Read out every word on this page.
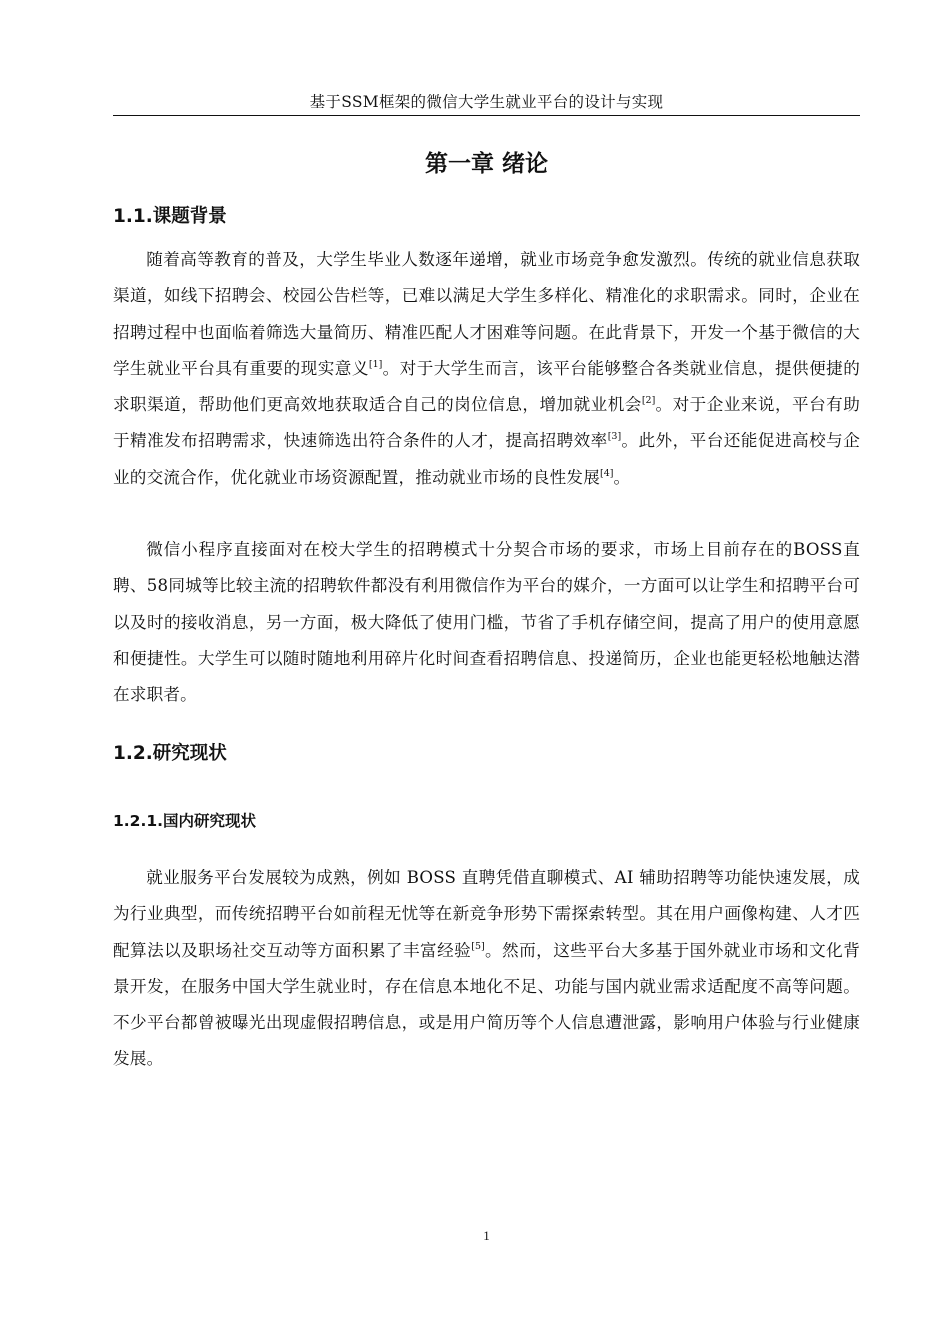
基于SSM框架的微信大学生就业平台的设计与实现
第一章 绪论
1.1.课题背景

随着高等教育的普及，大学生毕业人数逐年递增，就业市场竞争愈发激烈。传统的就业信息获取渠道，如线下招聘会、校园公告栏等，已难以满足大学生多样化、精准化的求职需求。同时，企业在招聘过程中也面临着筛选大量简历、精准匹配人才困难等问题。在此背景下，开发一个基于微信的大学生就业平台具有重要的现实意义[1]。对于大学生而言，该平台能够整合各类就业信息，提供便捷的求职渠道，帮助他们更高效地获取适合自己的岗位信息，增加就业机会[2]。对于企业来说，平台有助于精准发布招聘需求，快速筛选出符合条件的人才，提高招聘效率[3]。此外，平台还能促进高校与企业的交流合作，优化就业市场资源配置，推动就业市场的良性发展[4]。

微信小程序直接面对在校大学生的招聘模式十分契合市场的要求，市场上目前存在的BOSS直聘、58同城等比较主流的招聘软件都没有利用微信作为平台的媒介，一方面可以让学生和招聘平台可以及时的接收消息，另一方面，极大降低了使用门槛，节省了手机存储空间，提高了用户的使用意愿和便捷性。大学生可以随时随地利用碎片化时间查看招聘信息、投递简历，企业也能更轻松地触达潜在求职者。

1.2.研究现状
1.2.1.国内研究现状

就业服务平台发展较为成熟，例如 BOSS 直聘凭借直聊模式、AI 辅助招聘等功能快速发展，成为行业典型，而传统招聘平台如前程无忧等在新竞争形势下需探索转型。其在用户画像构建、人才匹配算法以及职场社交互动等方面积累了丰富经验[5]。然而，这些平台大多基于国外就业市场和文化背景开发，在服务中国大学生就业时，存在信息本地化不足、功能与国内就业需求适配度不高等问题。不少平台都曾被曝光出现虚假招聘信息，或是用户简历等个人信息遭泄露，影响用户体验与行业健康发展。

1
